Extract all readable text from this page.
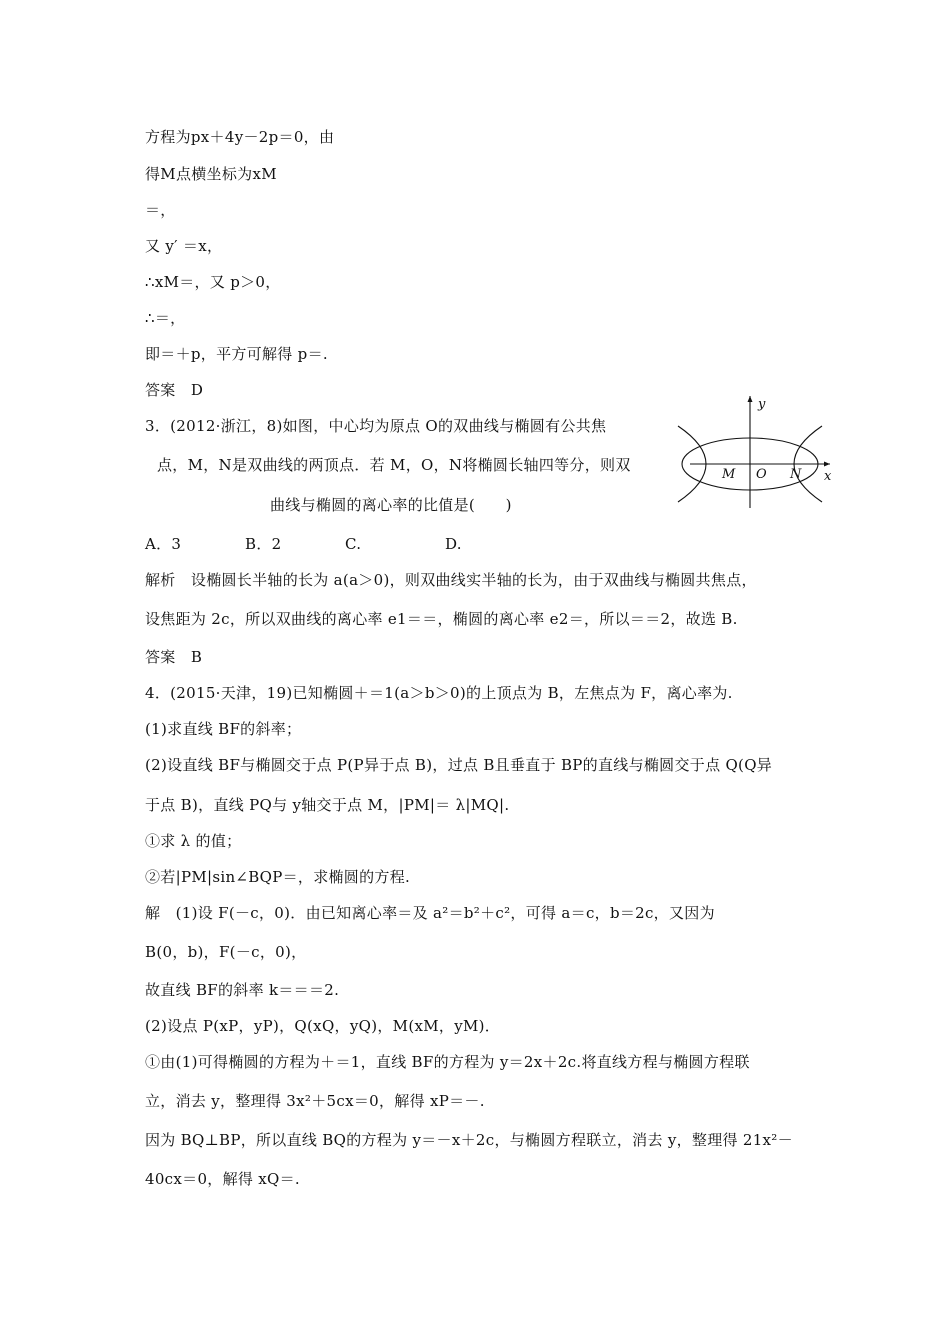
方程为px＋4y－2p＝0，由
得M点横坐标为xM
＝，
又 y′ ＝x，
∴xM＝，又 p＞0，
∴＝，
即＝＋p，平方可解得 p＝.
答案　D
3．(2012·浙江，8)如图，中心均为原点 O的双曲线与椭圆有公共焦
点，M，N是双曲线的两顶点．若 M，O，N将椭圆长轴四等分，则双
曲线与椭圆的离心率的比值是(　　)
A．3	B．2	C.	D.
解析　设椭圆长半轴的长为 a(a＞0)，则双曲线实半轴的长为，由于双曲线与椭圆共焦点，
设焦距为 2c，所以双曲线的离心率 e1＝＝，椭圆的离心率 e2＝，所以＝＝2，故选 B.
答案　B
4．(2015·天津，19)已知椭圆＋＝1(a＞b＞0)的上顶点为 B，左焦点为 F，离心率为.
(1)求直线 BF的斜率；
(2)设直线 BF与椭圆交于点 P(P异于点 B)，过点 B且垂直于 BP的直线与椭圆交于点 Q(Q异
于点 B)，直线 PQ与 y轴交于点 M，|PM|＝ λ|MQ|.
①求 λ 的值；
②若|PM|sin∠BQP＝，求椭圆的方程.
解　(1)设 F(－c，0)．由已知离心率＝及 a²＝b²＋c²，可得 a＝c，b＝2c，又因为
B(0，b)，F(－c，0)，
故直线 BF的斜率 k＝＝＝2.
(2)设点 P(xP，yP)，Q(xQ，yQ)，M(xM，yM)．
①由(1)可得椭圆的方程为＋＝1，直线 BF的方程为 y＝2x＋2c.将直线方程与椭圆方程联
立，消去 y，整理得 3x²＋5cx＝0，解得 xP＝－.
因为 BQ⊥BP，所以直线 BQ的方程为 y＝－x＋2c，与椭圆方程联立，消去 y，整理得 21x²－
40cx＝0，解得 xQ＝.
y
M O N x
